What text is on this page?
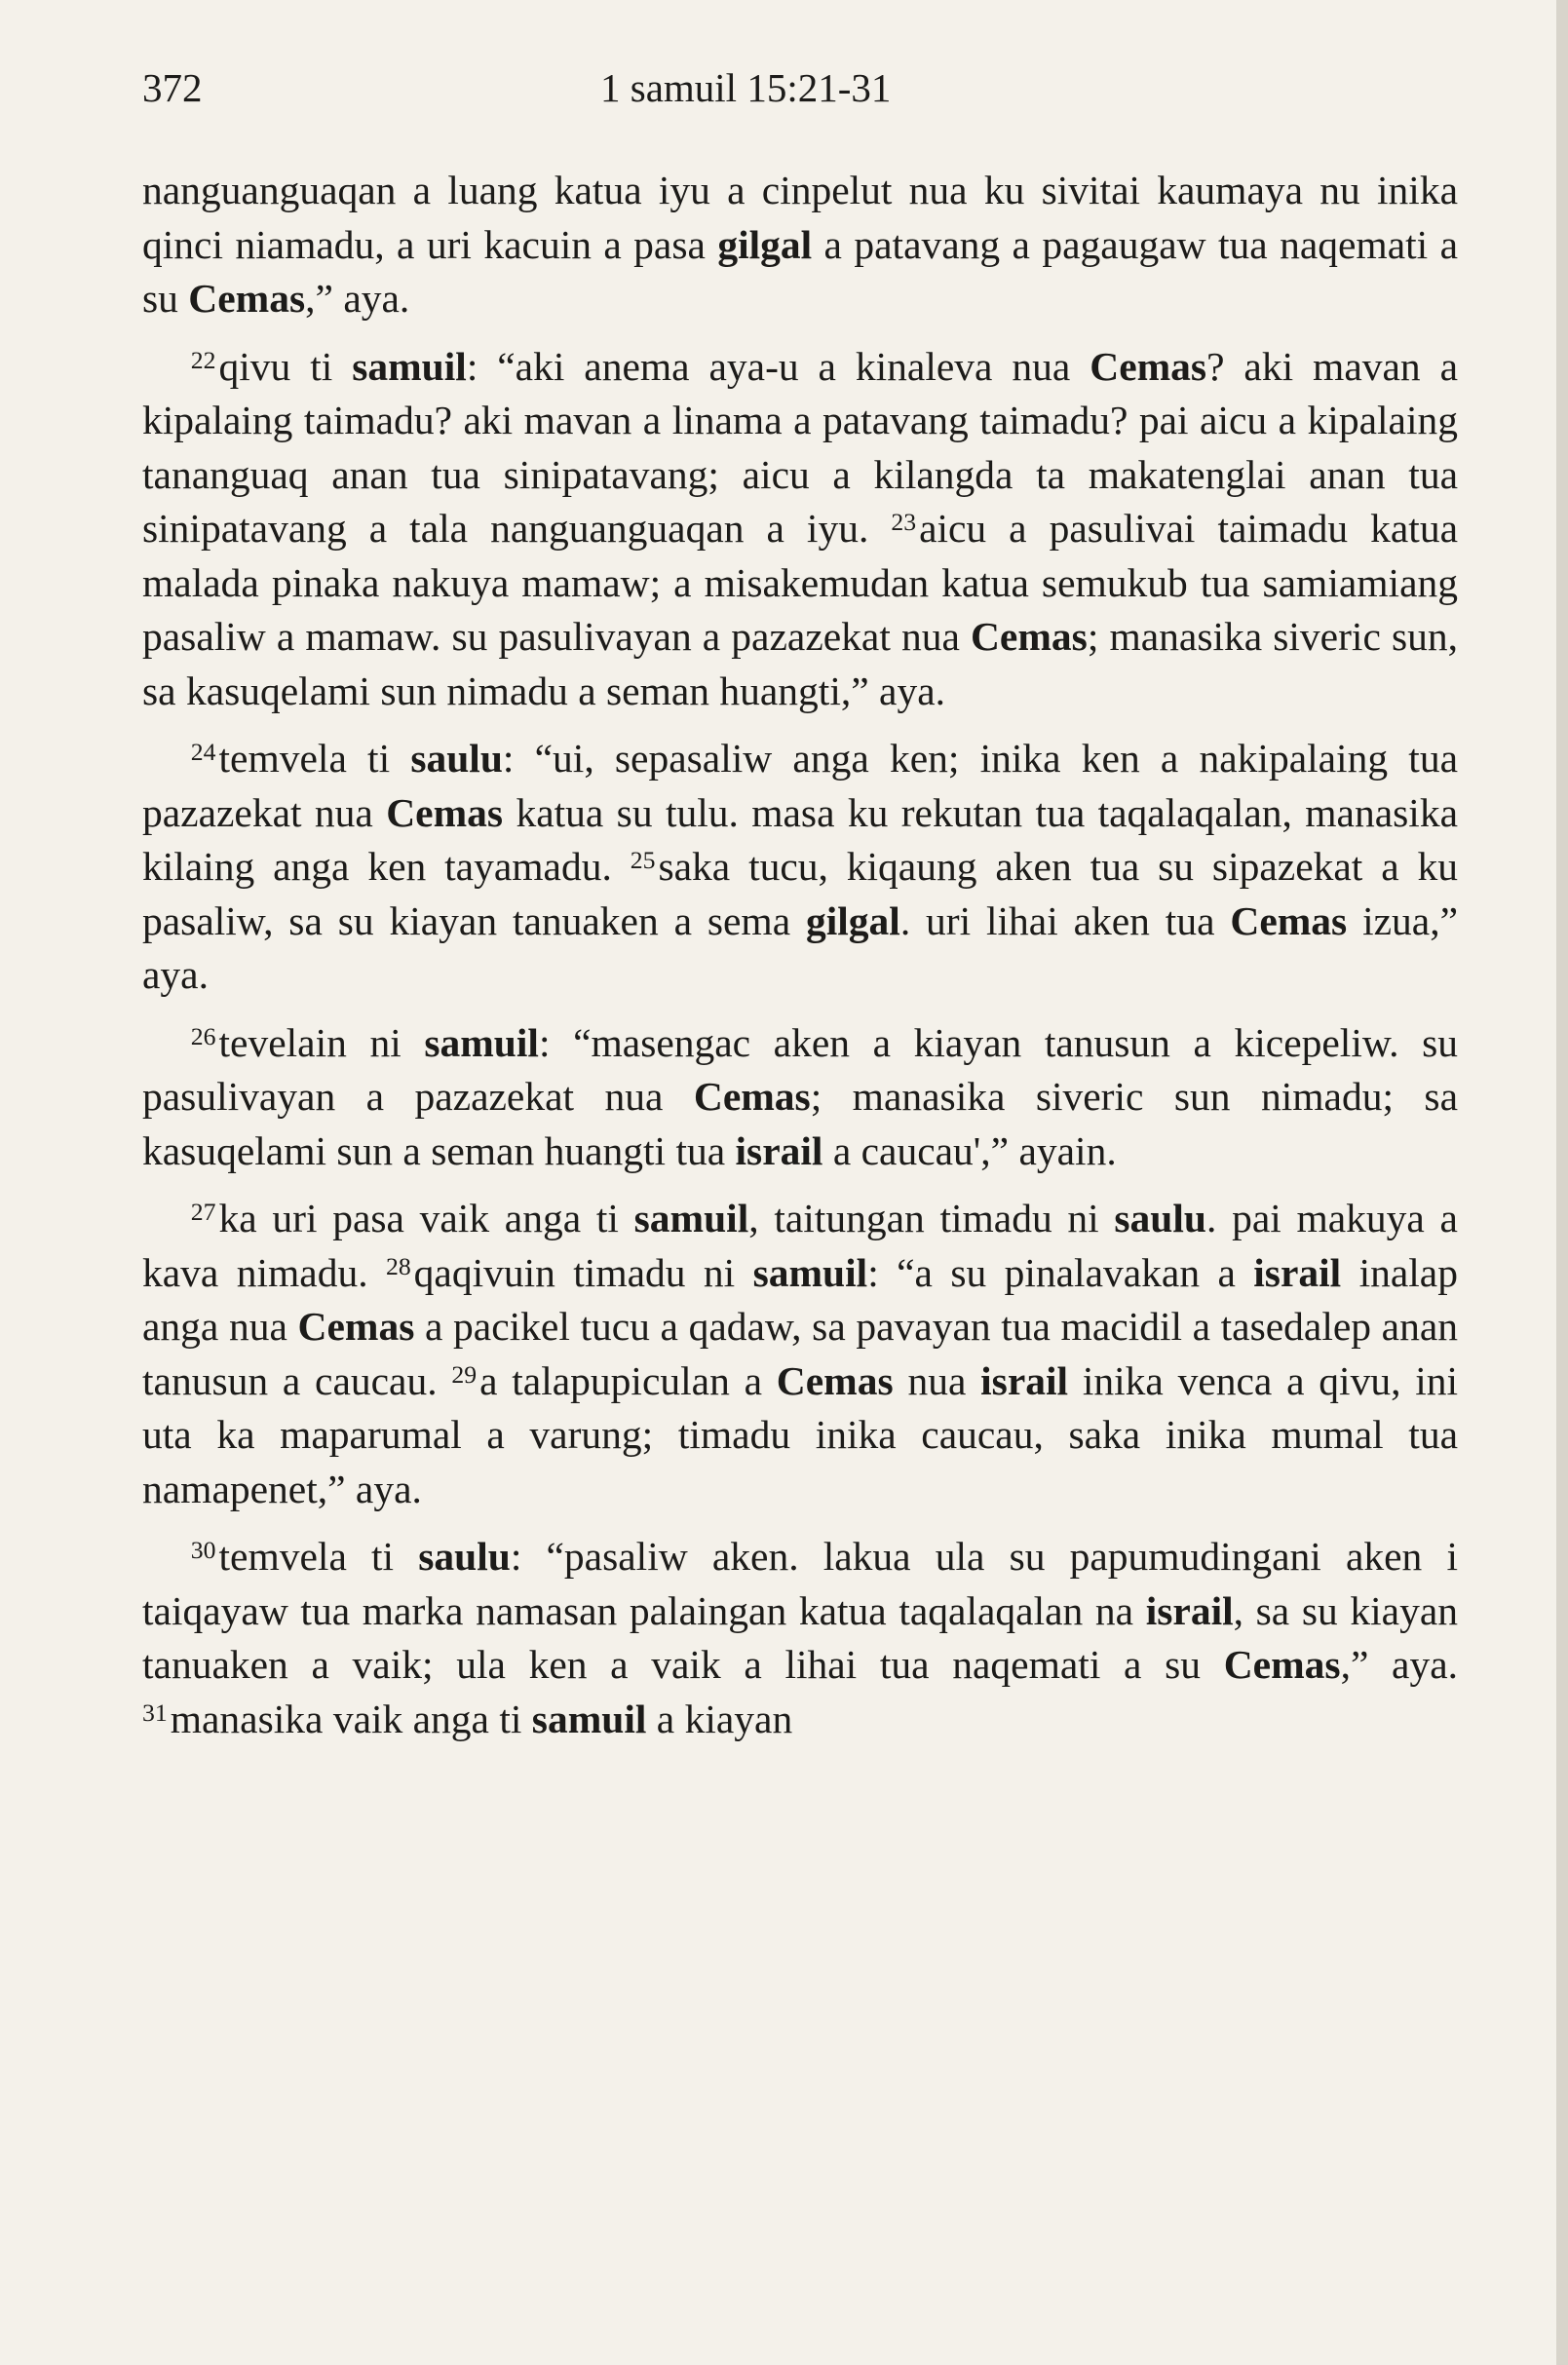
372	1 samuil 15:21-31

nanguanguaqan a luang katua iyu a cinpelut nua ku sivitai kaumaya nu inika qinci niamadu, a uri kacuin a pasa gilgal a patavang a pagaugaw tua naqemati a su Cemas,” aya.

$^{22}$qivu ti samuil: “aki anema aya-u a kinaleva nua Cemas? aki mavan a kipalaing taimadu? aki mavan a linama a patavang taimadu? pai aicu a kipalaing tananguaq anan tua sinipatavang; aicu a kilangda ta makatenglai anan tua sinipatavang a tala nanguanguaqan a iyu. $^{23}$aicu a pasulivai taimadu katua malada pinaka nakuya mamaw; a misakemudan katua semukub tua samiamiang pasaliw a mamaw. su pasulivayan a pazazekat nua Cemas; manasika siveric sun, sa kasuqelami sun nimadu a seman huangti,” aya.

$^{24}$temvela ti saulu: “ui, sepasaliw anga ken; inika ken a nakipalaing tua pazazekat nua Cemas katua su tulu. masa ku rekutan tua taqalaqalan, manasika kilaing anga ken tayamadu. $^{25}$saka tucu, kiqaung aken tua su sipazekat a ku pasaliw, sa su kiayan tanuaken a sema gilgal. uri lihai aken tua Cemas izua,” aya.

$^{26}$tevelain ni samuil: “masengac aken a kiayan tanusun a kicepeliw. su pasulivayan a pazazekat nua Cemas; manasika siveric sun nimadu; sa kasuqelami sun a seman huangti tua israil a caucau',” ayain.

$^{27}$ka uri pasa vaik anga ti samuil, taitungan timadu ni saulu. pai makuya a kava nimadu. $^{28}$qaqivuin timadu ni samuil: “a su pinalavakan a israil inalap anga nua Cemas a pacikel tucu a qadaw, sa pavayan tua macidil a tasedalep anan tanusun a caucau. $^{29}$a talapupiculan a Cemas nua israil inika venca a qivu, ini uta ka maparumal a varung; timadu inika caucau, saka inika mumal tua namapenet,” aya.

$^{30}$temvela ti saulu: “pasaliw aken. lakua ula su papumudingani aken i taiqayaw tua marka namasan palaingan katua taqalaqalan na israil, sa su kiayan tanuaken a vaik; ula ken a vaik a lihai tua naqemati a su Cemas,” aya. $^{31}$manasika vaik anga ti samuil a kiayan
